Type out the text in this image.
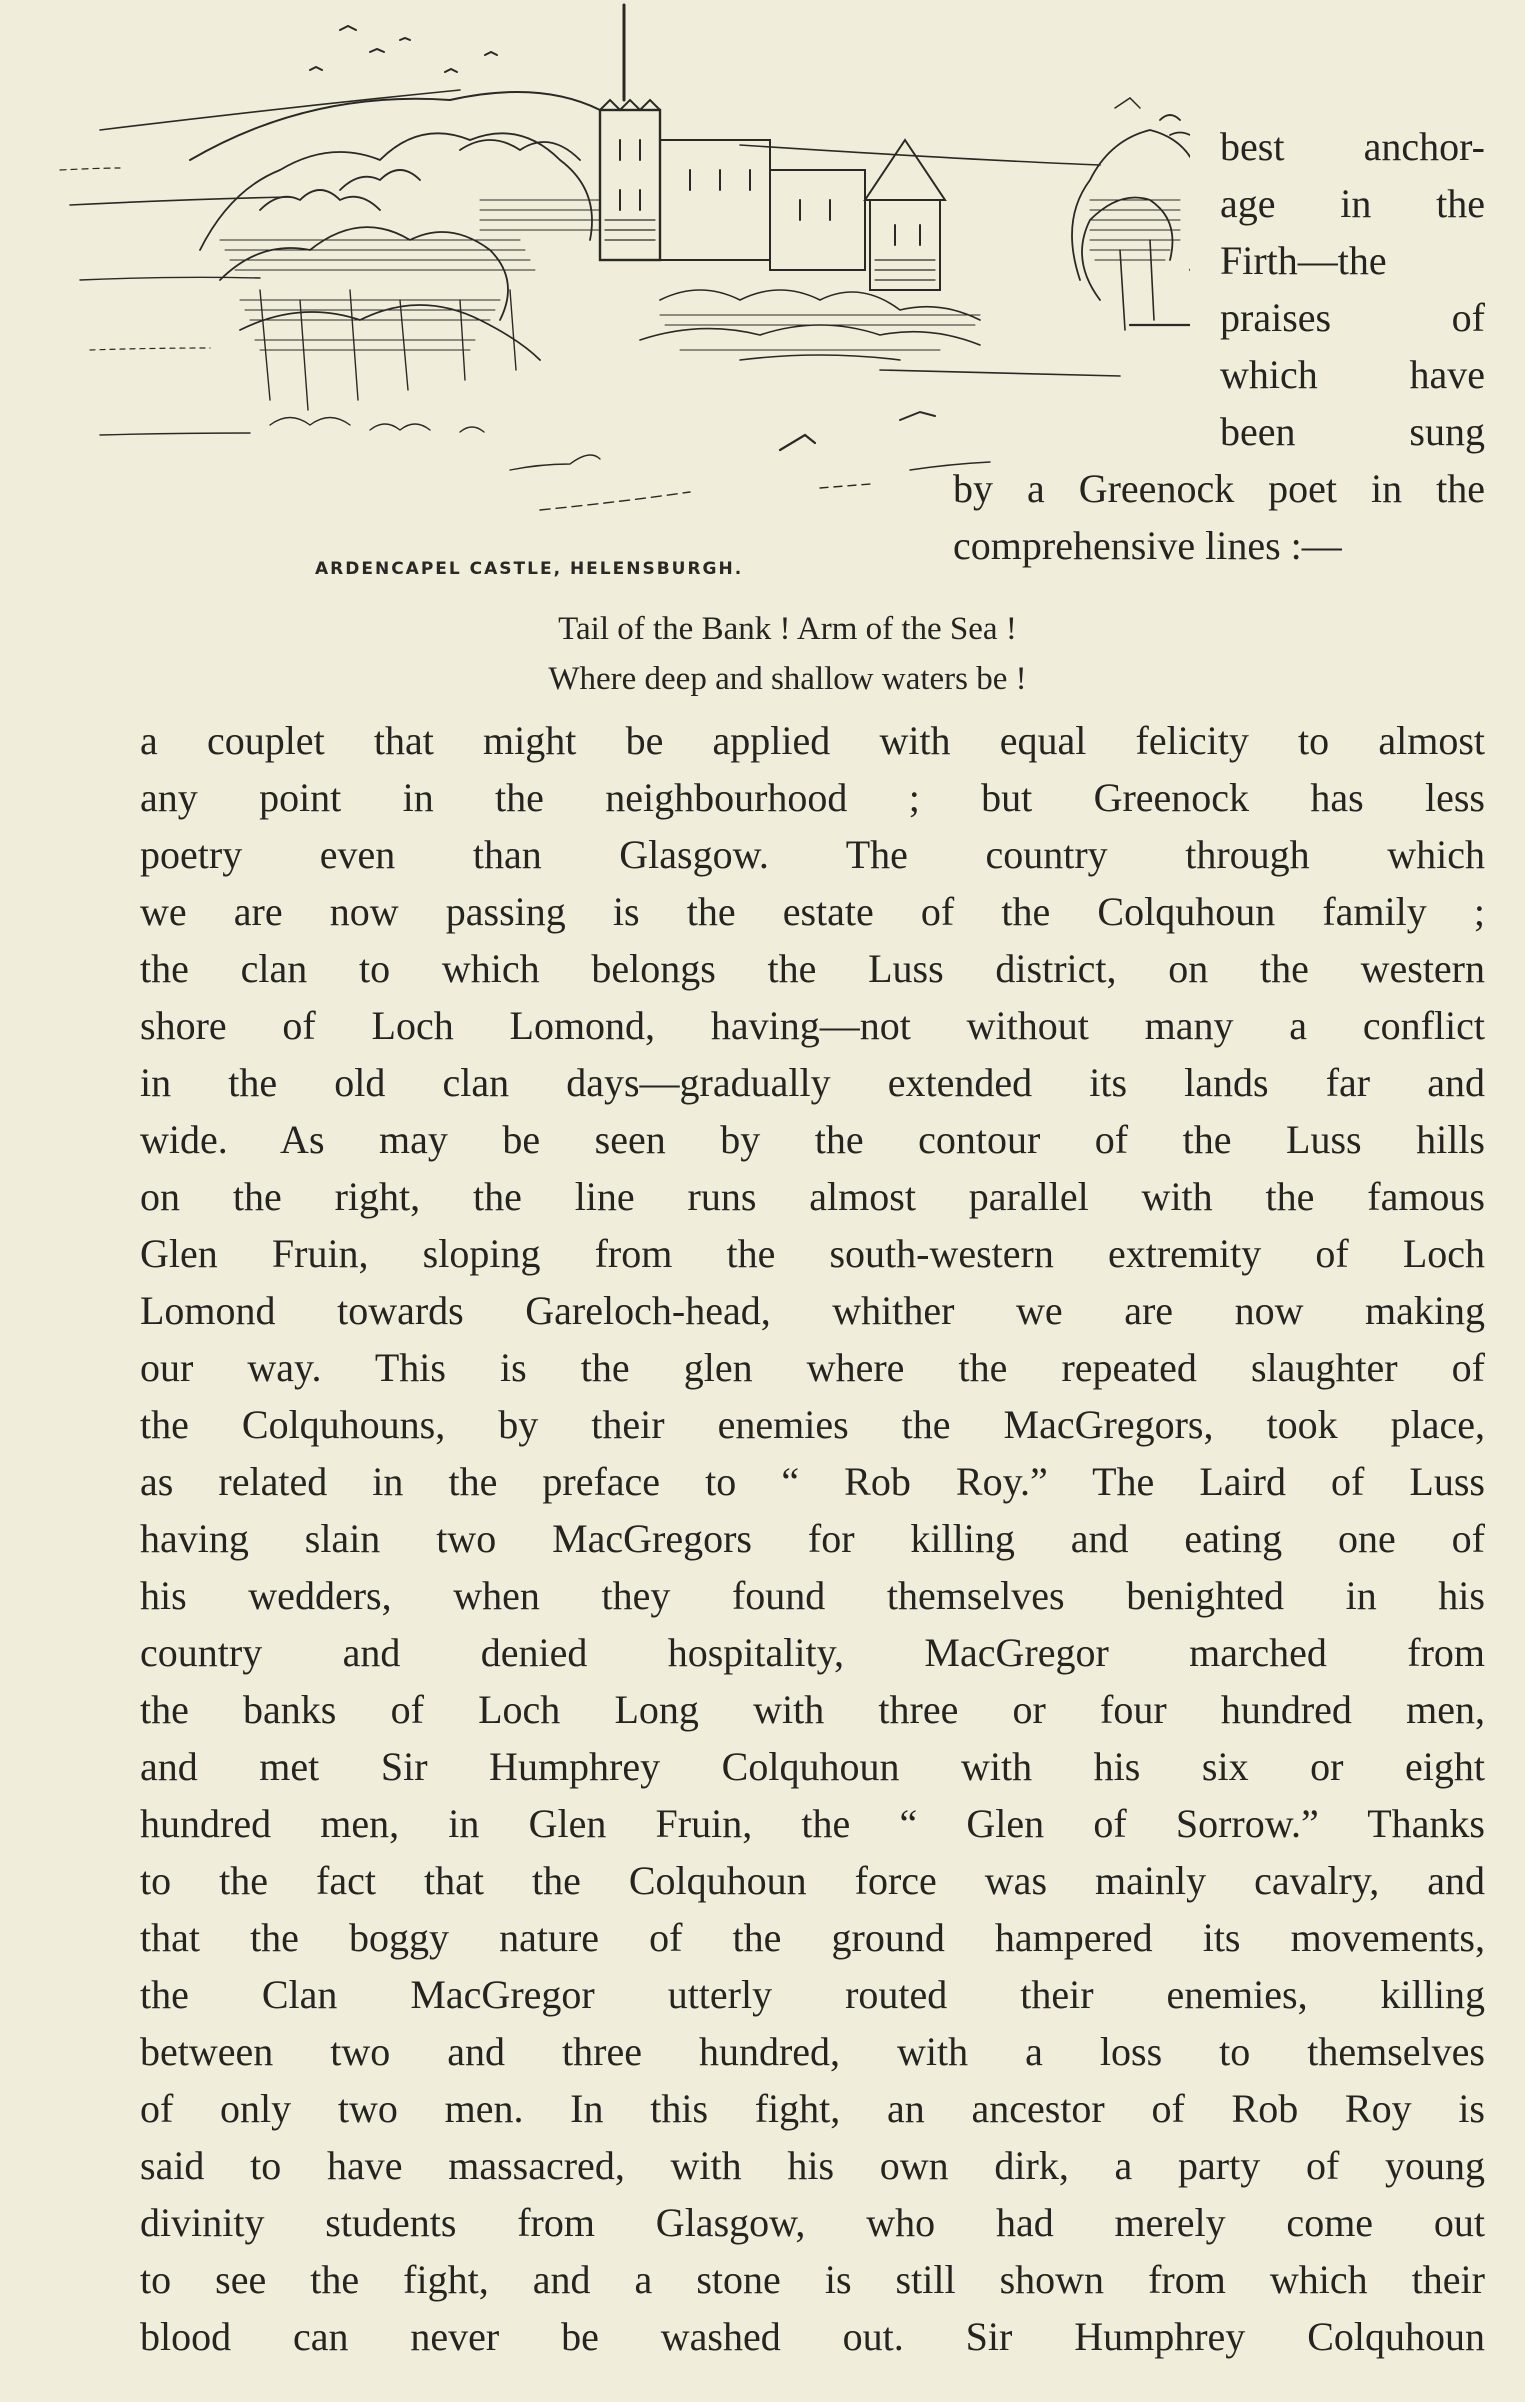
ARDENCAPEL CASTLE, HELENSBURGH.
best anchor-
age in the
Firth—the
praises of
which have
been sung
by a Greenock poet in the
comprehensive lines :—
Tail of the Bank ! Arm of the Sea !
Where deep and shallow waters be !
a couplet that might be applied with equal felicity to almost
any point in the neighbourhood ; but Greenock has less
poetry even than Glasgow. The country through which
we are now passing is the estate of the Colquhoun family ;
the clan to which belongs the Luss district, on the western
shore of Loch Lomond, having—not without many a conflict
in the old clan days—gradually extended its lands far and
wide. As may be seen by the contour of the Luss hills
on the right, the line runs almost parallel with the famous
Glen Fruin, sloping from the south-western extremity of Loch
Lomond towards Gareloch-head, whither we are now making
our way. This is the glen where the repeated slaughter of
the Colquhouns, by their enemies the MacGregors, took place,
as related in the preface to “ Rob Roy.” The Laird of Luss
having slain two MacGregors for killing and eating one of
his wedders, when they found themselves benighted in his
country and denied hospitality, MacGregor marched from
the banks of Loch Long with three or four hundred men,
and met Sir Humphrey Colquhoun with his six or eight
hundred men, in Glen Fruin, the “ Glen of Sorrow.” Thanks
to the fact that the Colquhoun force was mainly cavalry, and
that the boggy nature of the ground hampered its movements,
the Clan MacGregor utterly routed their enemies, killing
between two and three hundred, with a loss to themselves
of only two men. In this fight, an ancestor of Rob Roy is
said to have massacred, with his own dirk, a party of young
divinity students from Glasgow, who had merely come out
to see the fight, and a stone is still shown from which their
blood can never be washed out. Sir Humphrey Colquhoun
